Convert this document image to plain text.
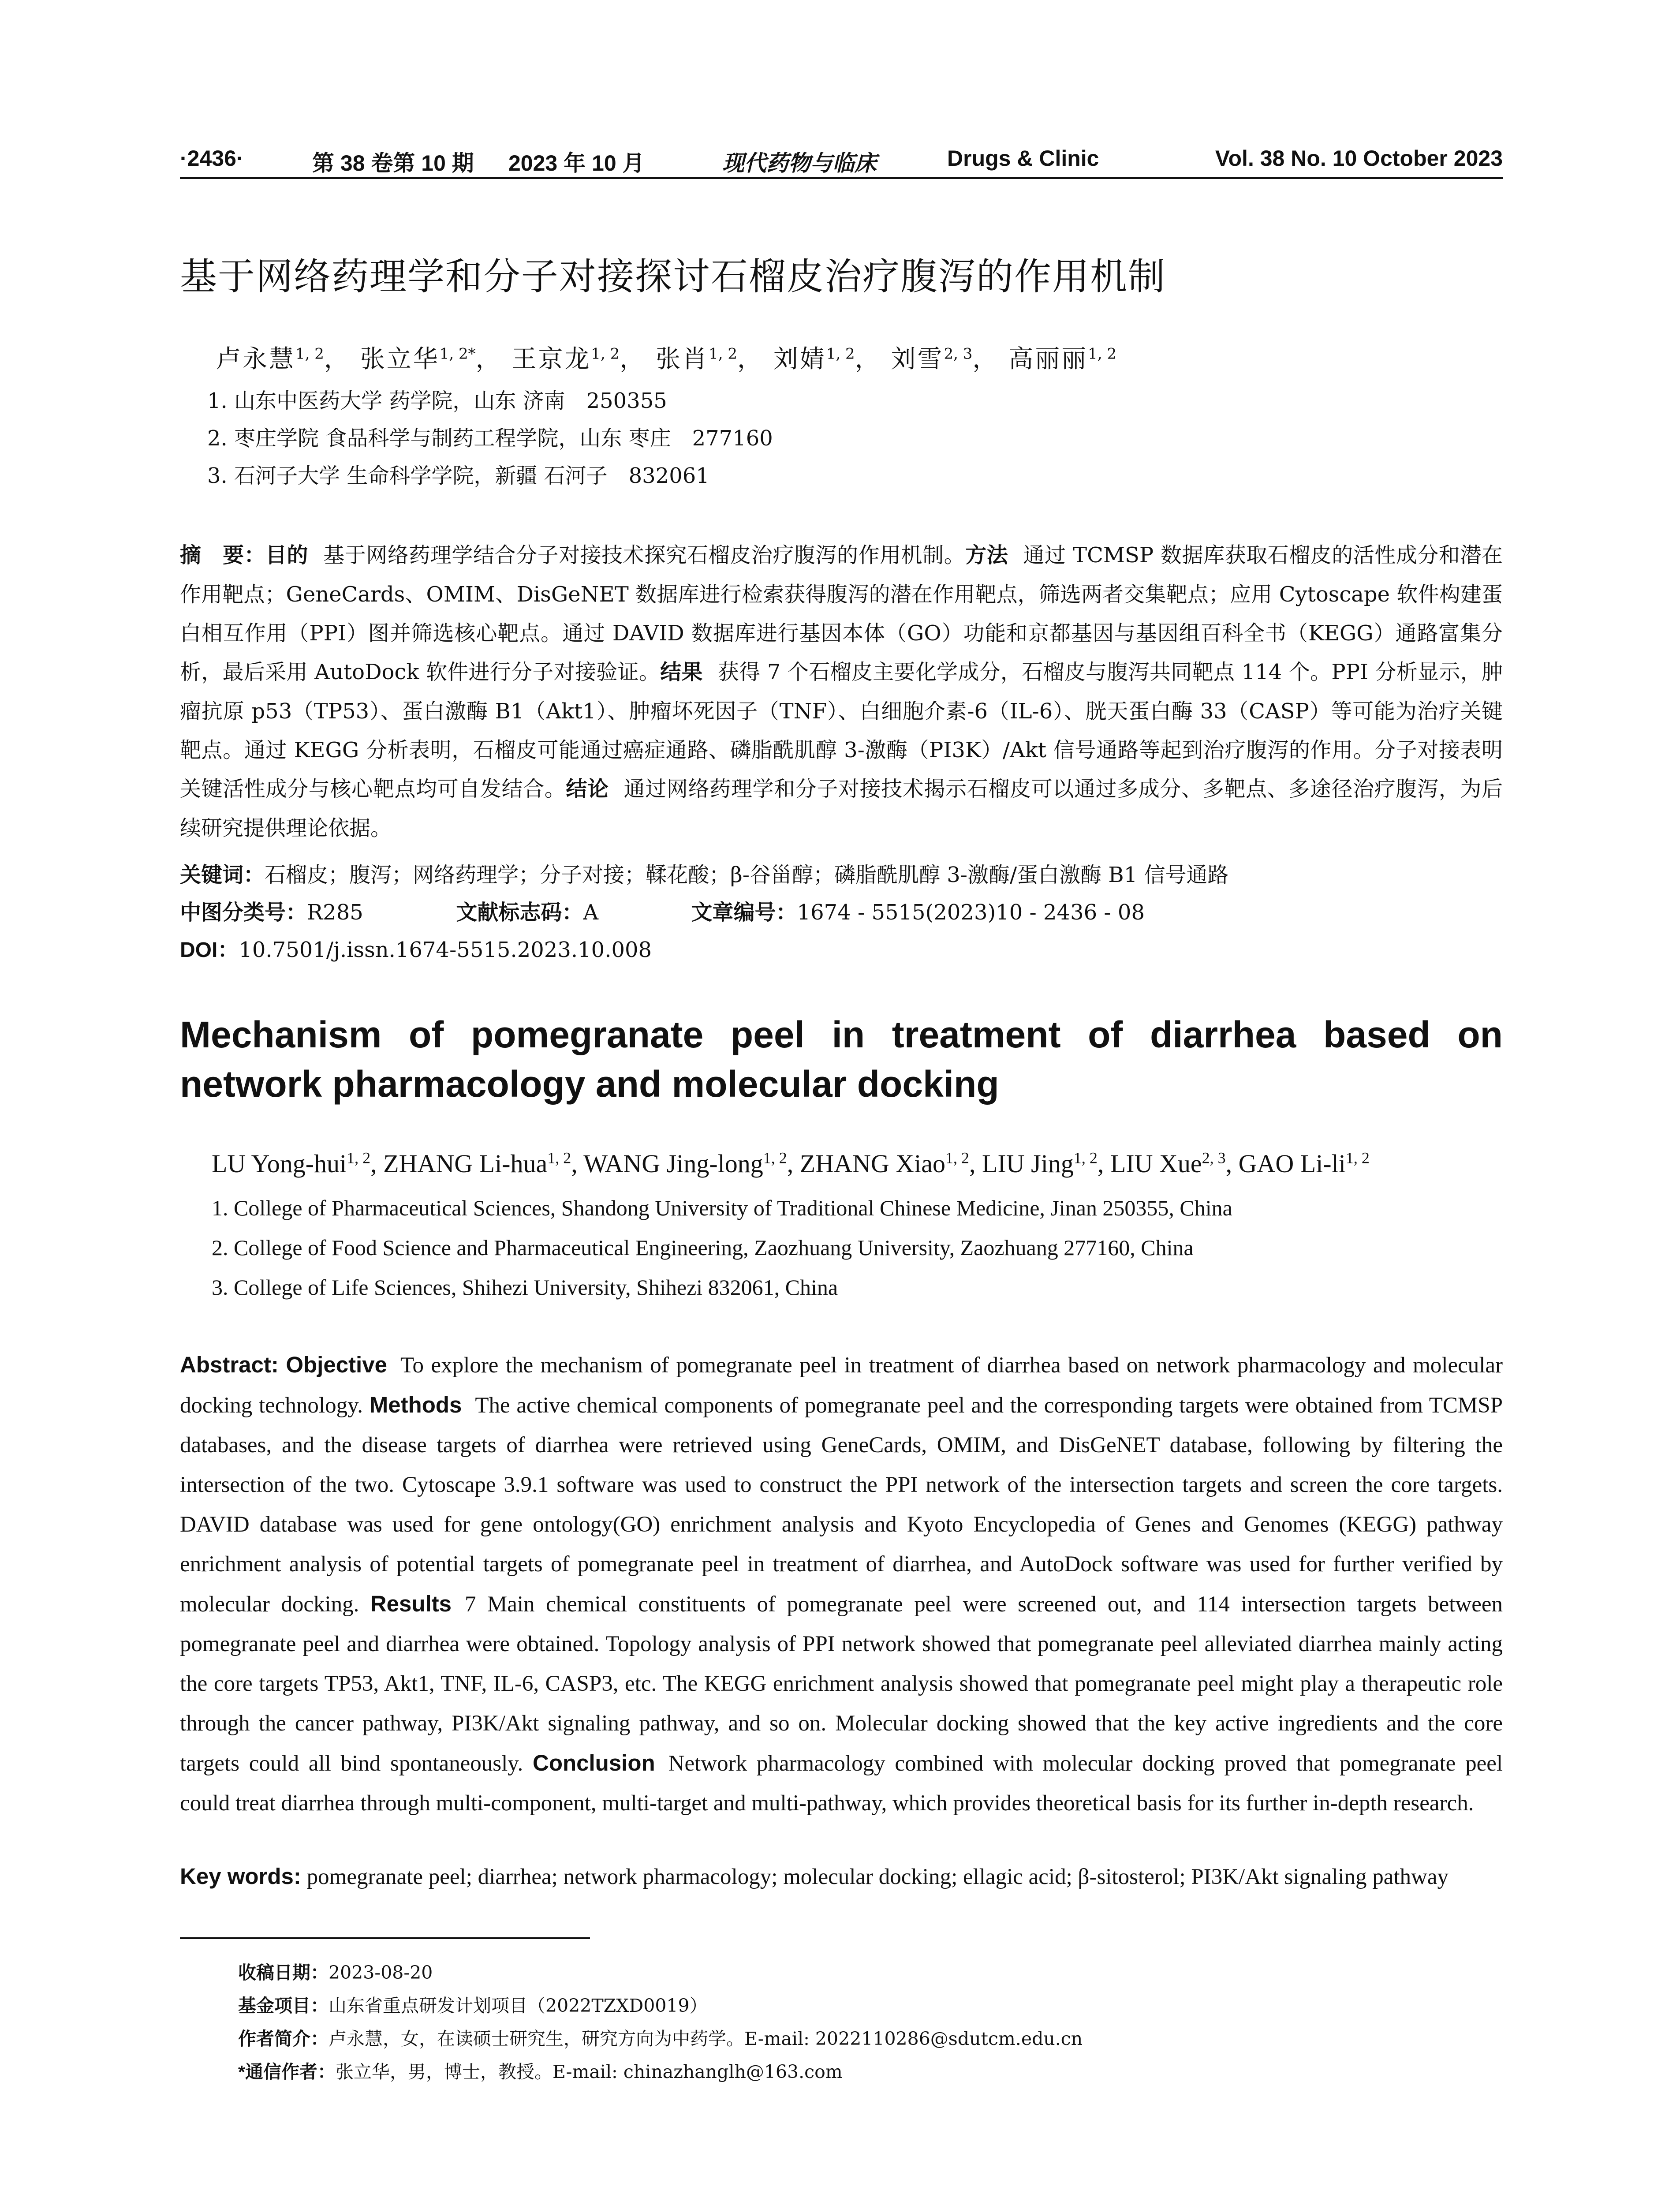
·2436·	第 38 卷第 10 期 2023 年 10 月	现代药物与临床	Drugs & Clinic	Vol. 38 No. 10 October 2023
基于网络药理学和分子对接探讨石榴皮治疗腹泻的作用机制
卢永慧$^{1, 2}$， 张立华$^{1, 2*}$， 王京龙$^{1, 2}$， 张肖$^{1, 2}$， 刘婧$^{1, 2}$， 刘雪$^{2, 3}$， 高丽丽$^{1, 2}$
1. 山东中医药大学 药学院，山东 济南　250355
2. 枣庄学院 食品科学与制药工程学院，山东 枣庄　277160
3. 石河子大学 生命科学学院，新疆 石河子　832061
摘　要：目的 基于网络药理学结合分子对接技术探究石榴皮治疗腹泻的作用机制。方法 通过 TCMSP 数据库获取石榴皮的活性成分和潜在作用靶点；GeneCards、OMIM、DisGeNET 数据库进行检索获得腹泻的潜在作用靶点，筛选两者交集靶点；应用 Cytoscape 软件构建蛋白相互作用（PPI）图并筛选核心靶点。通过 DAVID 数据库进行基因本体（GO）功能和京都基因与基因组百科全书（KEGG）通路富集分析，最后采用 AutoDock 软件进行分子对接验证。结果 获得 7 个石榴皮主要化学成分，石榴皮与腹泻共同靶点 114 个。PPI 分析显示，肿瘤抗原 p53（TP53）、蛋白激酶 B1（Akt1）、肿瘤坏死因子（TNF）、白细胞介素-6（IL-6）、胱天蛋白酶 33（CASP）等可能为治疗关键靶点。通过 KEGG 分析表明，石榴皮可能通过癌症通路、磷脂酰肌醇 3-激酶（PI3K）/Akt 信号通路等起到治疗腹泻的作用。分子对接表明关键活性成分与核心靶点均可自发结合。结论 通过网络药理学和分子对接技术揭示石榴皮可以通过多成分、多靶点、多途径治疗腹泻，为后续研究提供理论依据。
关键词：石榴皮；腹泻；网络药理学；分子对接；鞣花酸；β-谷甾醇；磷脂酰肌醇 3-激酶/蛋白激酶 B1 信号通路
中图分类号：R285	文献标志码：A	文章编号：1674 - 5515(2023)10 - 2436 - 08
DOI：10.7501/j.issn.1674-5515.2023.10.008
Mechanism of pomegranate peel in treatment of diarrhea based on network pharmacology and molecular docking
LU Yong-hui$^{1, 2}$, ZHANG Li-hua$^{1, 2}$, WANG Jing-long$^{1, 2}$, ZHANG Xiao$^{1, 2}$, LIU Jing$^{1, 2}$, LIU Xue$^{2, 3}$, GAO Li-li$^{1, 2}$
1. College of Pharmaceutical Sciences, Shandong University of Traditional Chinese Medicine, Jinan 250355, China
2. College of Food Science and Pharmaceutical Engineering, Zaozhuang University, Zaozhuang 277160, China
3. College of Life Sciences, Shihezi University, Shihezi 832061, China
Abstract: Objective To explore the mechanism of pomegranate peel in treatment of diarrhea based on network pharmacology and molecular docking technology. Methods The active chemical components of pomegranate peel and the corresponding targets were obtained from TCMSP databases, and the disease targets of diarrhea were retrieved using GeneCards, OMIM, and DisGeNET database, following by filtering the intersection of the two. Cytoscape 3.9.1 software was used to construct the PPI network of the intersection targets and screen the core targets. DAVID database was used for gene ontology(GO) enrichment analysis and Kyoto Encyclopedia of Genes and Genomes (KEGG) pathway enrichment analysis of potential targets of pomegranate peel in treatment of diarrhea, and AutoDock software was used for further verified by molecular docking. Results 7 Main chemical constituents of pomegranate peel were screened out, and 114 intersection targets between pomegranate peel and diarrhea were obtained. Topology analysis of PPI network showed that pomegranate peel alleviated diarrhea mainly acting the core targets TP53, Akt1, TNF, IL-6, CASP3, etc. The KEGG enrichment analysis showed that pomegranate peel might play a therapeutic role through the cancer pathway, PI3K/Akt signaling pathway, and so on. Molecular docking showed that the key active ingredients and the core targets could all bind spontaneously. Conclusion Network pharmacology combined with molecular docking proved that pomegranate peel could treat diarrhea through multi-component, multi-target and multi-pathway, which provides theoretical basis for its further in-depth research.
Key words: pomegranate peel; diarrhea; network pharmacology; molecular docking; ellagic acid; β-sitosterol; PI3K/Akt signaling pathway
收稿日期：2023-08-20
基金项目：山东省重点研发计划项目（2022TZXD0019）
作者简介：卢永慧，女，在读硕士研究生，研究方向为中药学。E-mail: 2022110286@sdutcm.edu.cn
*通信作者：张立华，男，博士，教授。E-mail: chinazhanglh@163.com
